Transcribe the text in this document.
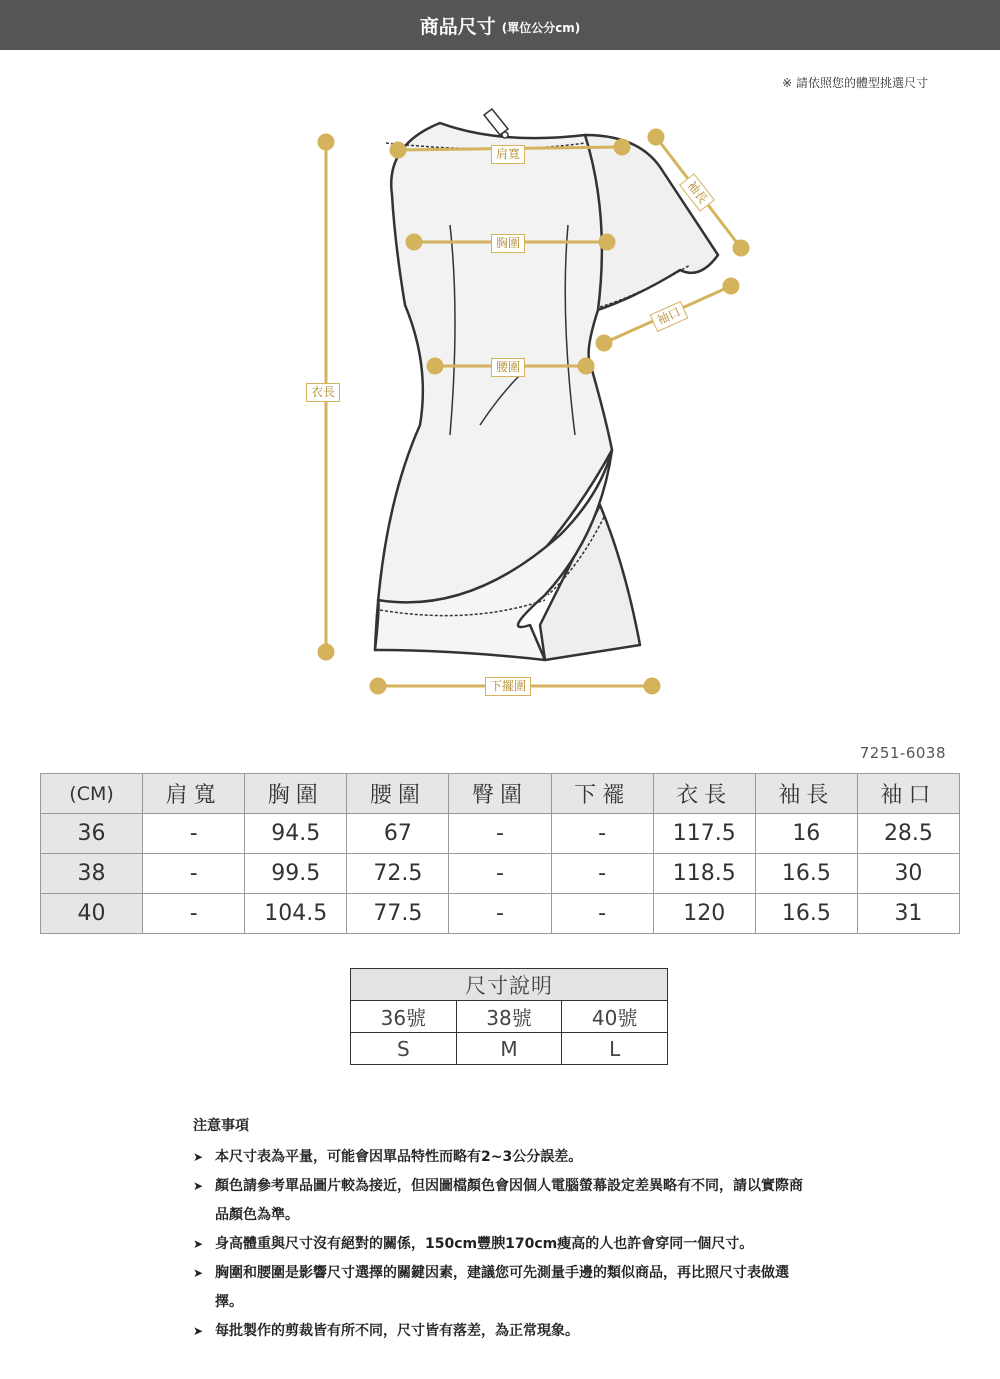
商品尺寸 (單位公分cm)
※ 請依照您的體型挑選尺寸
肩寬
胸圍
腰圍
衣長
袖長
袖口
下擺圍
7251-6038
(CM)	肩寬	胸圍	腰圍	臀圍	下襬	衣長	袖長	袖口
36	-	94.5	67	-	-	117.5	16	28.5
38	-	99.5	72.5	-	-	118.5	16.5	30
40	-	104.5	77.5	-	-	120	16.5	31
尺寸說明		
36號	38號	40號
S	M	L
注意事項
➤ 本尺寸表為平量，可能會因單品特性而略有2~3公分誤差。
➤ 顏色請參考單品圖片較為接近，但因圖檔顏色會因個人電腦螢幕設定差異略有不同，請以實際商品顏色為準。
➤ 身高體重與尺寸沒有絕對的關係，150cm豐腴170cm瘦高的人也許會穿同一個尺寸。
➤ 胸圍和腰圍是影響尺寸選擇的關鍵因素，建議您可先測量手邊的類似商品，再比照尺寸表做選擇。
➤ 每批製作的剪裁皆有所不同，尺寸皆有落差，為正常現象。
